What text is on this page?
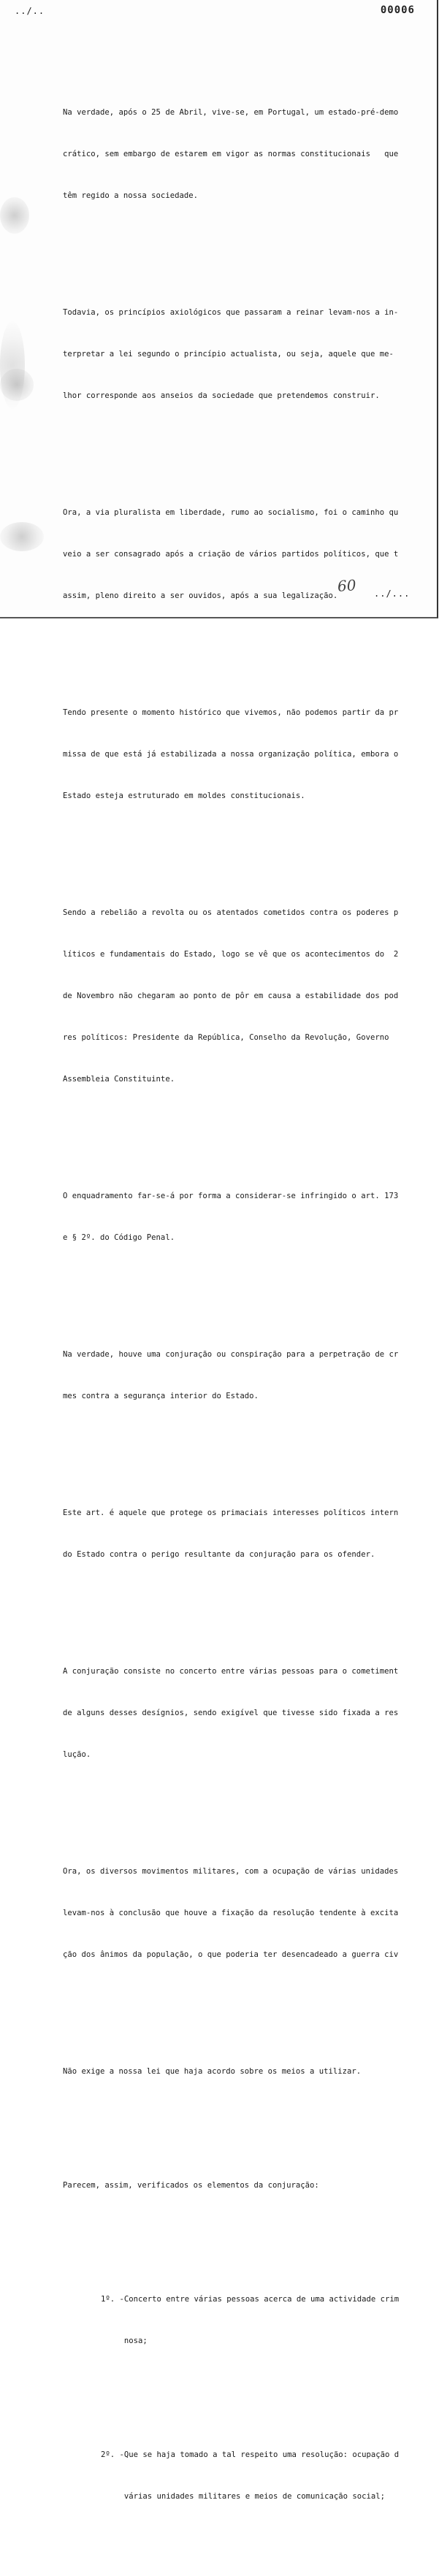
../..	00006

Na verdade, após o 25 de Abril, vive-se, em Portugal, um estado-pré-demo

crático, sem embargo de estarem em vigor as normas constitucionais   que

têm regido a nossa sociedade.

Todavia, os princípios axiológicos que passaram a reinar levam-nos a in-

terpretar a lei segundo o princípio actualista, ou seja, aquele que me-

lhor corresponde aos anseios da sociedade que pretendemos construir.

Ora, a via pluralista em liberdade, rumo ao socialismo, foi o caminho qu

veio a ser consagrado após a criação de vários partidos políticos, que t

assim, pleno direito a ser ouvidos, após a sua legalização.

Tendo presente o momento histórico que vivemos, não podemos partir da pr

missa de que está já estabilizada a nossa organização política, embora o

Estado esteja estruturado em moldes constitucionais.

Sendo a rebelião a revolta ou os atentados cometidos contra os poderes p

líticos e fundamentais do Estado, logo se vê que os acontecimentos do  2

de Novembro não chegaram ao ponto de pôr em causa a estabilidade dos pod

res políticos: Presidente da República, Conselho da Revolução, Governo

Assembleia Constituinte.

O enquadramento far-se-á por forma a considerar-se infringido o art. 173

e § 2º. do Código Penal.

Na verdade, houve uma conjuração ou conspiração para a perpetração de cr

mes contra a segurança interior do Estado.

Este art. é aquele que protege os primaciais interesses políticos intern

do Estado contra o perigo resultante da conjuração para os ofender.

A conjuração consiste no concerto entre várias pessoas para o cometiment

de alguns desses desígnios, sendo exigível que tivesse sido fixada a res

lução.

Ora, os diversos movimentos militares, com a ocupação de várias unidades

levam-nos à conclusão que houve a fixação da resolução tendente à excita

ção dos ânimos da população, o que poderia ter desencadeado a guerra civ

Não exige a nossa lei que haja acordo sobre os meios a utilizar.

Parecem, assim, verificados os elementos da conjuração:

1º. -Concerto entre várias pessoas acerca de uma actividade crim

nosa;

2º. -Que se haja tomado a tal respeito uma resolução: ocupação d

várias unidades militares e meios de comunicação social;

60 ../...
